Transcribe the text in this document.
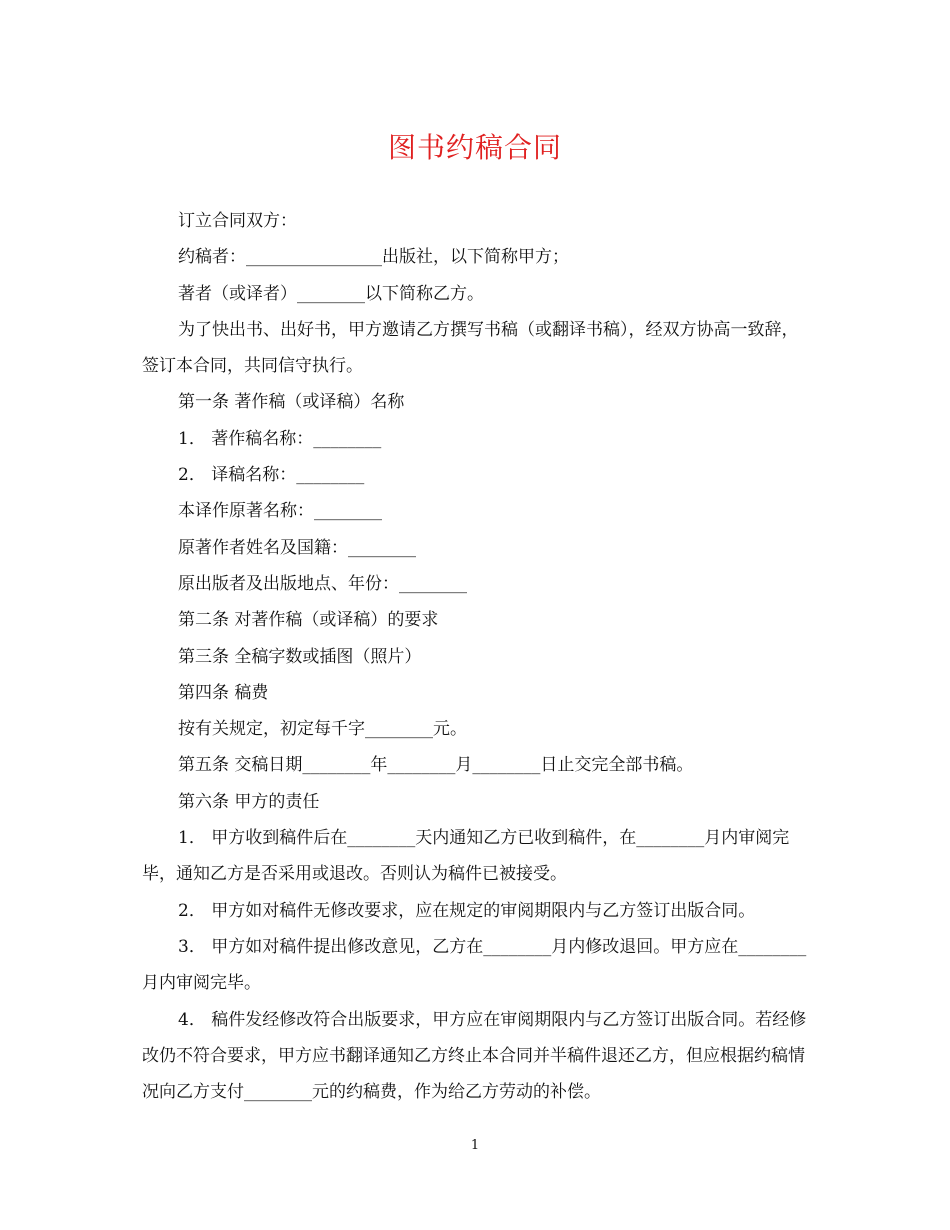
图书约稿合同

订立合同双方：

约稿者：________________出版社，以下简称甲方；

著者（或译者）________以下简称乙方。

为了快出书、出好书，甲方邀请乙方撰写书稿（或翻译书稿），经双方协高一致辞，签订本合同，共同信守执行。

第一条 著作稿（或译稿）名称

1． 著作稿名称：________

2． 译稿名称：________

本译作原著名称：________

原著作者姓名及国籍：________

原出版者及出版地点、年份：________

第二条 对著作稿（或译稿）的要求

第三条 全稿字数或插图（照片）

第四条 稿费

按有关规定，初定每千字________元。

第五条 交稿日期________年________月________日止交完全部书稿。

第六条 甲方的责任

1． 甲方收到稿件后在________天内通知乙方已收到稿件，在________月内审阅完毕，通知乙方是否采用或退改。否则认为稿件已被接受。

2． 甲方如对稿件无修改要求，应在规定的审阅期限内与乙方签订出版合同。

3． 甲方如对稿件提出修改意见，乙方在________月内修改退回。甲方应在________月内审阅完毕。

4． 稿件发经修改符合出版要求，甲方应在审阅期限内与乙方签订出版合同。若经修改仍不符合要求，甲方应书翻译通知乙方终止本合同并半稿件退还乙方，但应根据约稿情况向乙方支付________元的约稿费，作为给乙方劳动的补偿。

1
